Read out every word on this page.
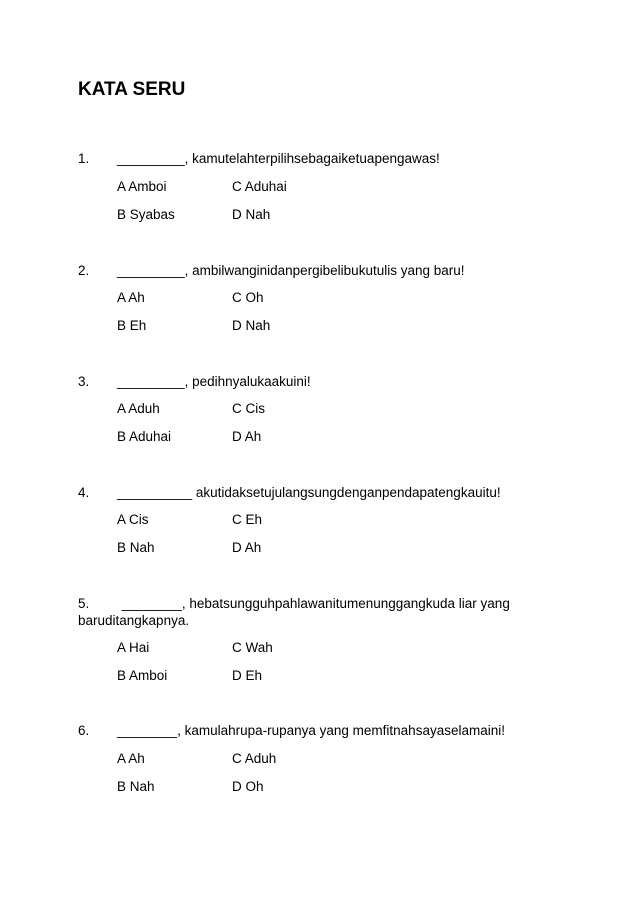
KATA SERU
1. _________, kamutelahterpilihsebagaiketuapengawas!
A Amboi	C Aduhai
B Syabas	D Nah
2. _________, ambilwanginidanpergibelibukutulis yang baru!
A Ah	C Oh
B Eh	D Nah
3. _________, pedihnyalukaakuini!
A Aduh	C Cis
B Aduhai	D Ah
4. __________ akutidaksetujulangsungdenganpendapatengkauitu!
A Cis	C Eh
B Nah	D Ah
5. ________, hebatsungguhpahlawanitumenunggangkuda liar yang baruditangkapnya.
A Hai	C Wah
B Amboi	D Eh
6. ________, kamulahrupa-rupanya yang memfitnahsayaselamaini!
A Ah	C Aduh
B Nah	D Oh
